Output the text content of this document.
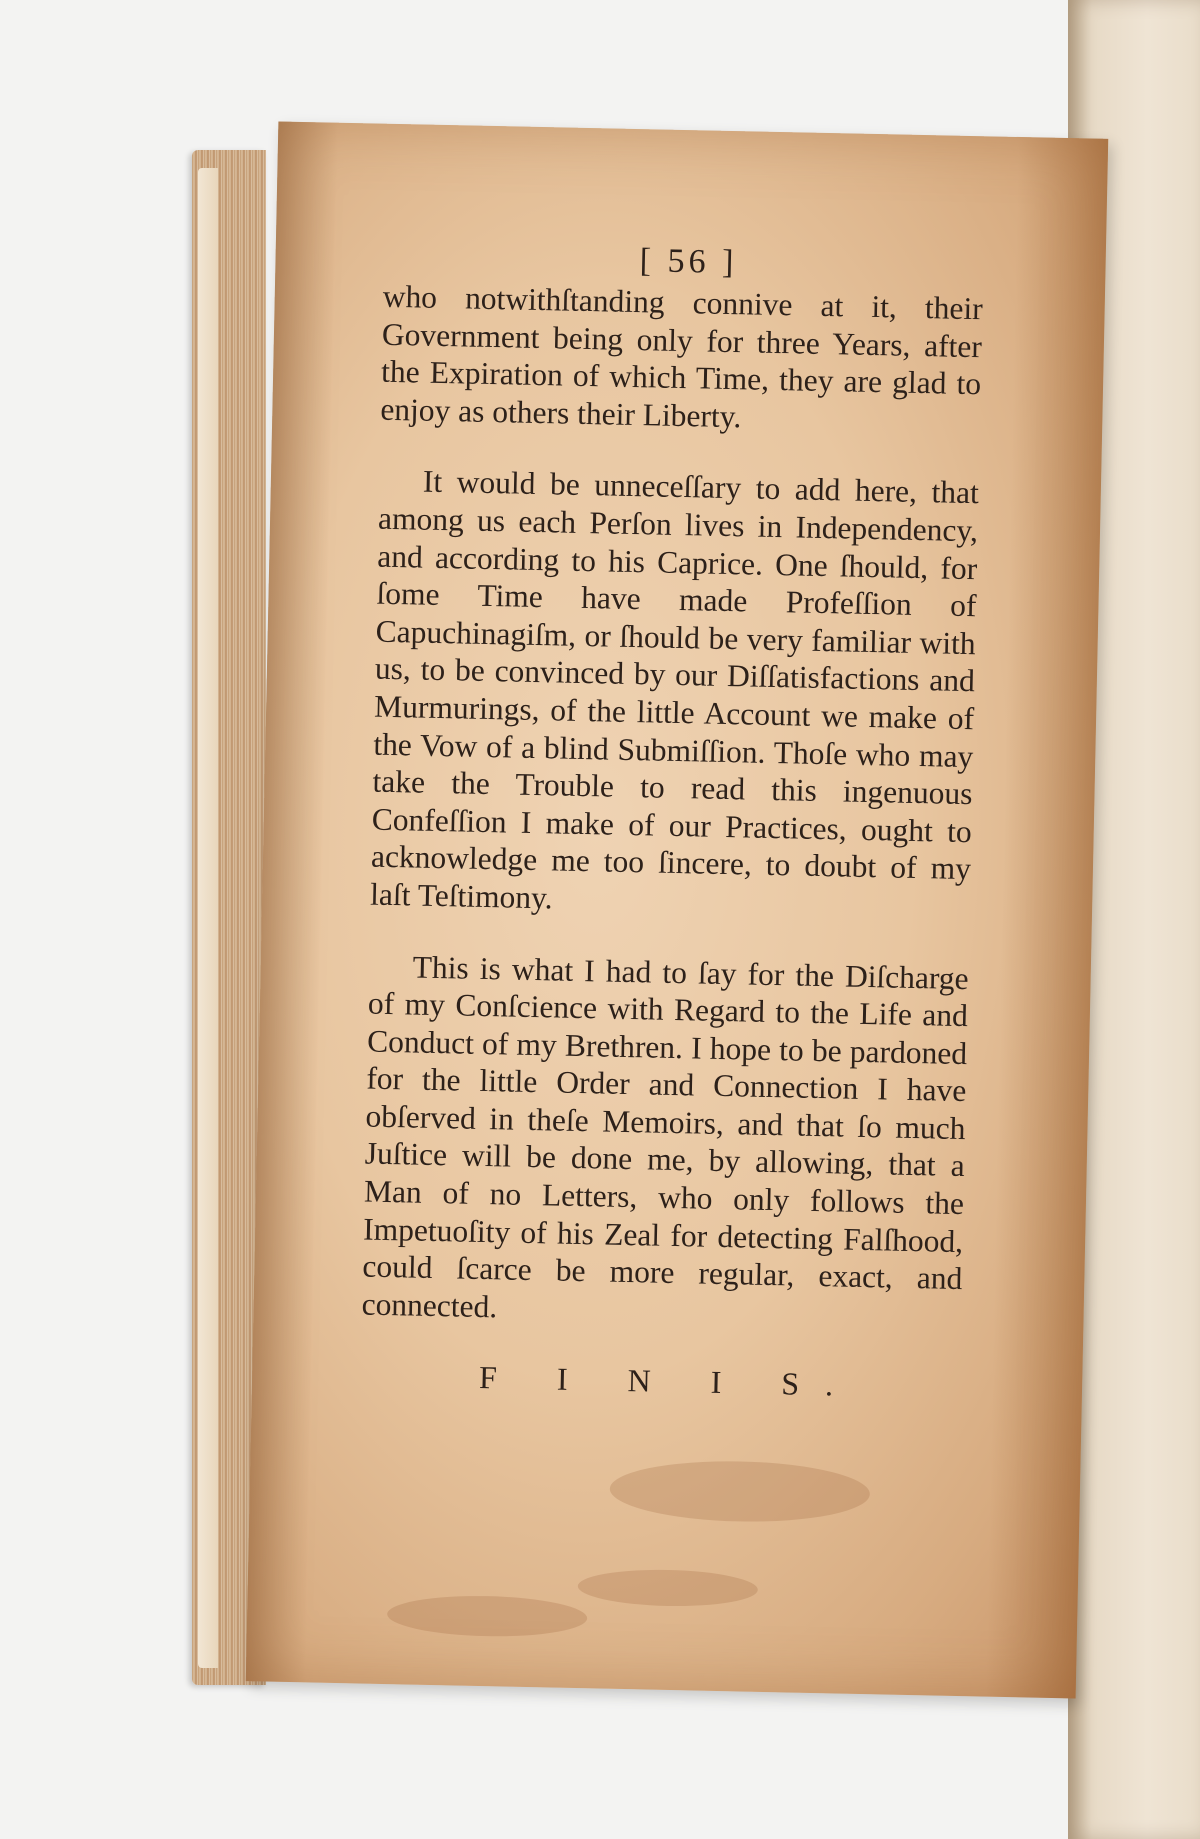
[ 56 ]

who notwithſtanding connive at it, their Government being only for three Years, after the Expiration of which Time, they are glad to enjoy as others their Liberty.

It would be unneceſſary to add here, that among us each Perſon lives in Independency, and according to his Caprice. One ſhould, for ſome Time have made Profeſſion of Capuchinagiſm, or ſhould be very familiar with us, to be convinced by our Diſſatisfactions and Murmurings, of the little Account we make of the Vow of a blind Submiſſion. Thoſe who may take the Trouble to read this ingenuous Confeſſion I make of our Practices, ought to acknowledge me too ſincere, to doubt of my laſt Teſtimony.

This is what I had to ſay for the Diſcharge of my Conſcience with Regard to the Life and Conduct of my Brethren. I hope to be pardoned for the little Order and Connection I have obſerved in theſe Memoirs, and that ſo much Juſtice will be done me, by allowing, that a Man of no Letters, who only follows the Impetuoſity of his Zeal for detecting Falſhood, could ſcarce be more regular, exact, and connected.

F I N I S.
